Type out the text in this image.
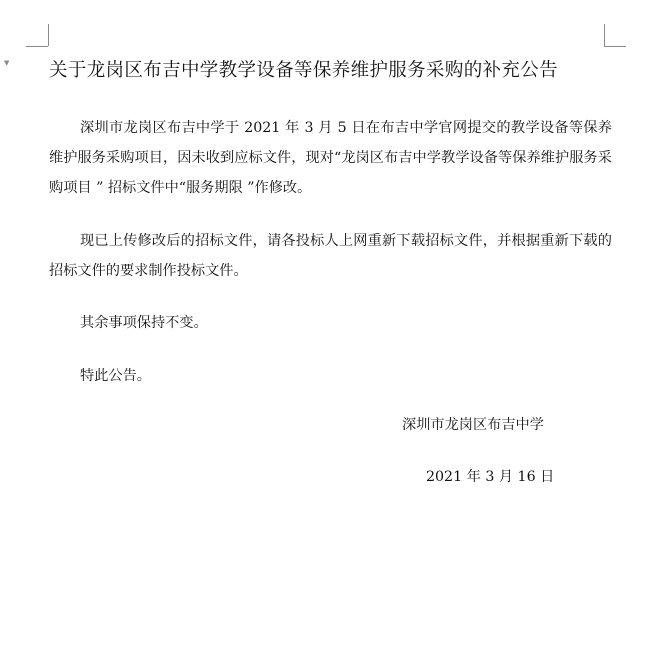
▼ 关于龙岗区布吉中学教学设备等保养维护服务采购的补充公告

深圳市龙岗区布吉中学于 2021 年 3 月 5 日在布吉中学官网提交的教学设备等保养维护服务采购项目，因未收到应标文件，现对“龙岗区布吉中学教学设备等保养维护服务采购项目 ” 招标文件中“服务期限 ”作修改。

现已上传修改后的招标文件，请各投标人上网重新下载招标文件，并根据重新下载的招标文件的要求制作投标文件。

其余事项保持不变。

特此公告。

深圳市龙岗区布吉中学
2021 年 3 月 16 日
